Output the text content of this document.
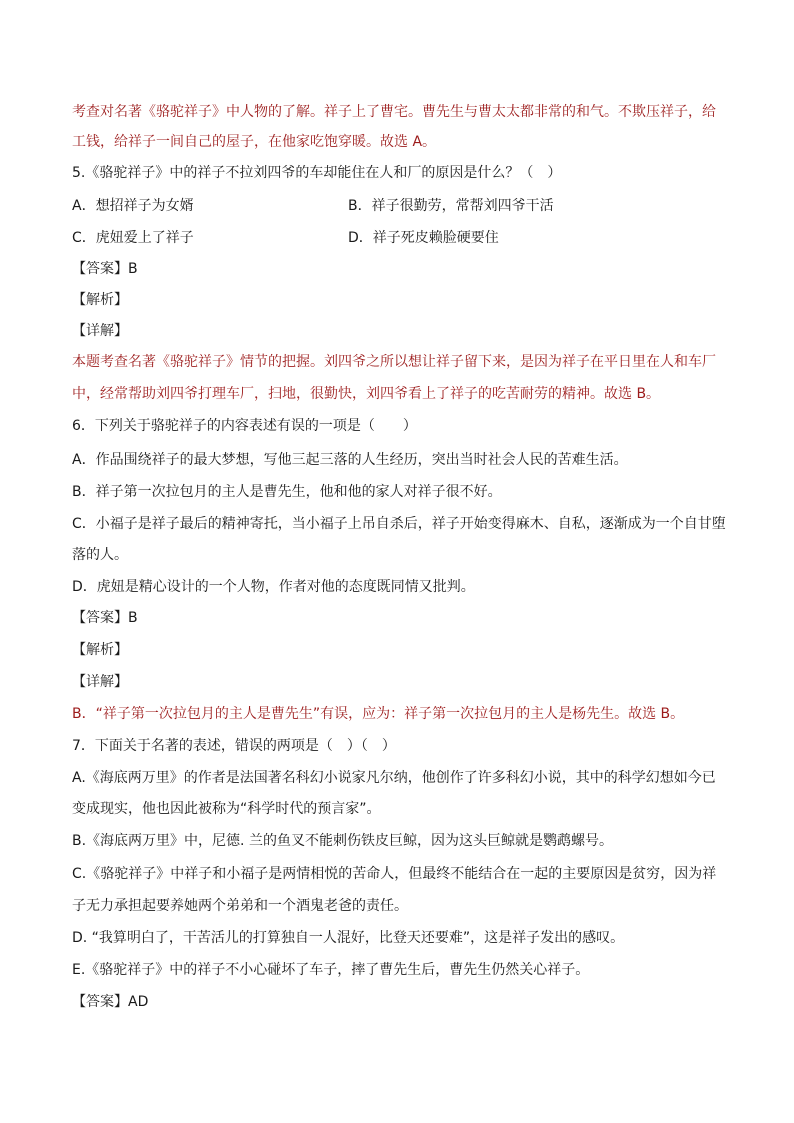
考查对名著《骆驼祥子》中人物的了解。祥子上了曹宅。曹先生与曹太太都非常的和气。不欺压祥子，给
工钱，给祥子一间自己的屋子，在他家吃饱穿暖。故选 A。
5.《骆驼祥子》中的祥子不拉刘四爷的车却能住在人和厂的原因是什么？（　）
A．想招祥子为女婿	B．祥子很勤劳，常帮刘四爷干活
C．虎妞爱上了祥子	D．祥子死皮赖脸硬要住
【答案】B
【解析】
【详解】
本题考查名著《骆驼祥子》情节的把握。刘四爷之所以想让祥子留下来，是因为祥子在平日里在人和车厂
中，经常帮助刘四爷打理车厂，扫地，很勤快，刘四爷看上了祥子的吃苦耐劳的精神。故选 B。
6．下列关于骆驼祥子的内容表述有误的一项是（　　）
A．作品围绕祥子的最大梦想，写他三起三落的人生经历，突出当时社会人民的苦难生活。
B．祥子第一次拉包月的主人是曹先生，他和他的家人对祥子很不好。
C．小福子是祥子最后的精神寄托，当小福子上吊自杀后，祥子开始变得麻木、自私，逐渐成为一个自甘堕
落的人。
D．虎妞是精心设计的一个人物，作者对他的态度既同情又批判。
【答案】B
【解析】
【详解】
B．“祥子第一次拉包月的主人是曹先生”有误，应为：祥子第一次拉包月的主人是杨先生。故选 B。
7．下面关于名著的表述，错误的两项是（　）（　）
A.《海底两万里》的作者是法国著名科幻小说家凡尔纳，他创作了许多科幻小说，其中的科学幻想如今已
变成现实，他也因此被称为“科学时代的预言家”。
B.《海底两万里》中，尼德. 兰的鱼叉不能刺伤铁皮巨鲸，因为这头巨鲸就是鹦鹉螺号。
C.《骆驼祥子》中祥子和小福子是两情相悦的苦命人，但最终不能结合在一起的主要原因是贫穷，因为祥
子无力承担起要养她两个弟弟和一个酒鬼老爸的责任。
D. “我算明白了，干苦活儿的打算独自一人混好，比登天还要难”，这是祥子发出的感叹。
E.《骆驼祥子》中的祥子不小心碰坏了车子，摔了曹先生后，曹先生仍然关心祥子。
【答案】AD
